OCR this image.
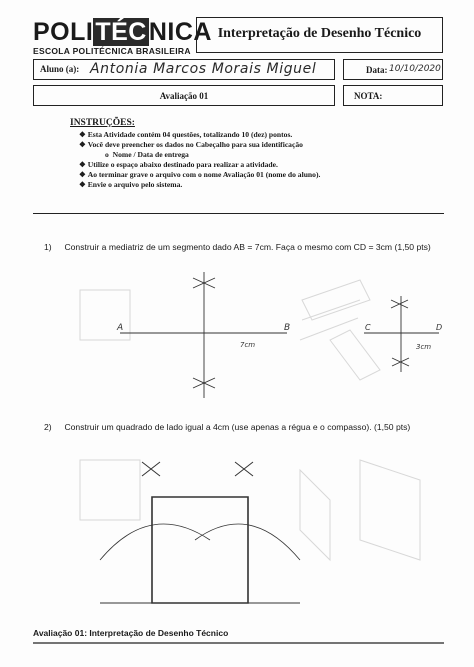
POLITÉCNICA
ESCOLA POLITÉCNICA BRASILEIRA
Interpretação de Desenho Técnico
Aluno (a): Antonia Marcos Morais Miguel	Data: 10/10/2020
Avaliação 01	NOTA:
INSTRUÇÕES:
❖ Esta Atividade contém 04 questões, totalizando 10 (dez) pontos.
❖ Você deve preencher os dados no Cabeçalho para sua identificação
o  Nome / Data de entrega
❖ Utilize o espaço abaixo destinado para realizar a atividade.
❖ Ao terminar grave o arquivo com o nome Avaliação 01 (nome do aluno).
❖ Envie o arquivo pelo sistema.
1) Construir a mediatriz de um segmento dado AB = 7cm. Faça o mesmo com CD = 3cm (1,50 pts)
2) Construir um quadrado de lado igual a 4cm (use apenas a régua e o compasso). (1,50 pts)
A	B
7cm
C	D
3cm
Avaliação 01: Interpretação de Desenho Técnico
